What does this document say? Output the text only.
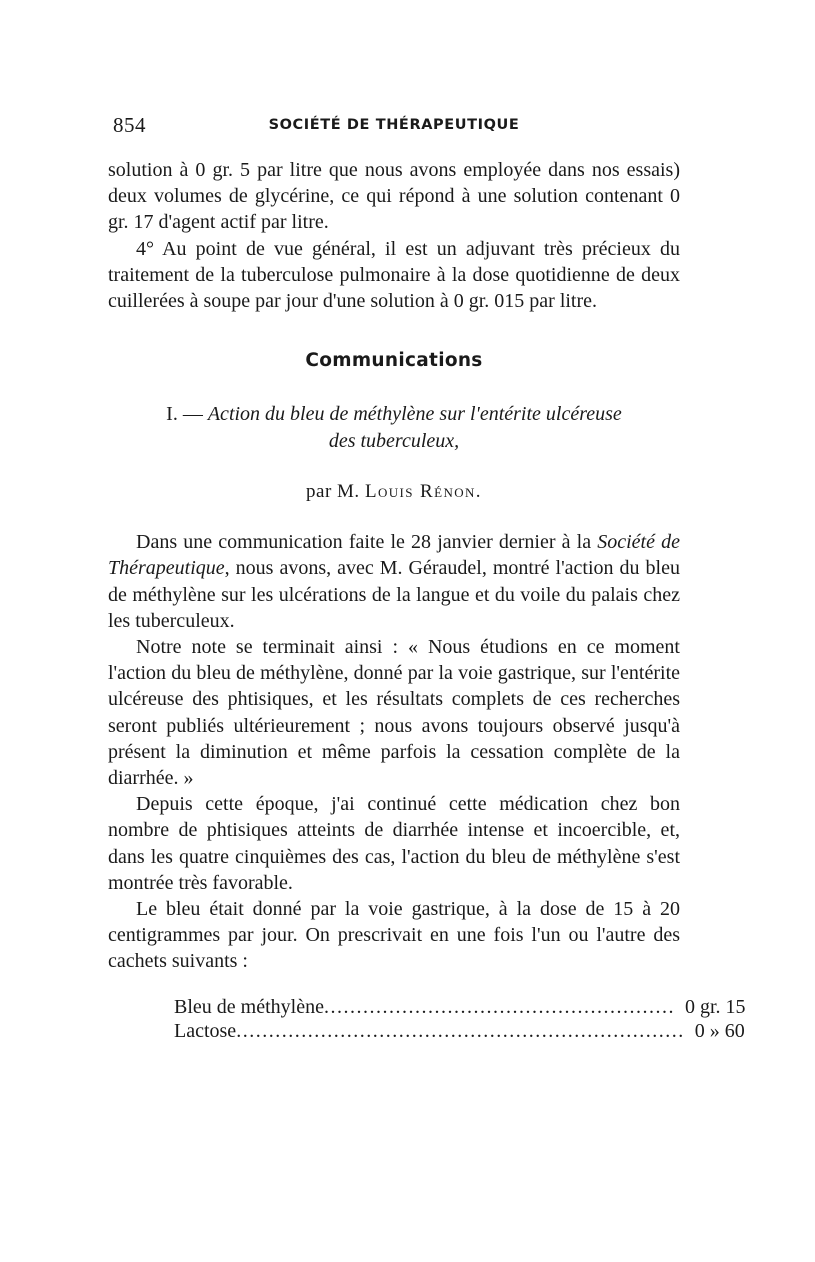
854	SOCIÉTÉ DE THÉRAPEUTIQUE

solution à 0 gr. 5 par litre que nous avons employée dans nos essais) deux volumes de glycérine, ce qui répond à une solution contenant 0 gr. 17 d'agent actif par litre.

4° Au point de vue général, il est un adjuvant très précieux du traitement de la tuberculose pulmonaire à la dose quotidienne de deux cuillerées à soupe par jour d'une solution à 0 gr. 015 par litre.

Communications
I. — Action du bleu de méthylène sur l'entérite ulcéreuse
des tuberculeux,
par M. Louis Rénon.

Dans une communication faite le 28 janvier dernier à la Société de Thérapeutique, nous avons, avec M. Géraudel, montré l'action du bleu de méthylène sur les ulcérations de la langue et du voile du palais chez les tuberculeux.

Notre note se terminait ainsi : « Nous étudions en ce moment l'action du bleu de méthylène, donné par la voie gastrique, sur l'entérite ulcéreuse des phtisiques, et les résultats complets de ces recherches seront publiés ultérieurement ; nous avons toujours observé jusqu'à présent la diminution et même parfois la cessation complète de la diarrhée. »

Depuis cette époque, j'ai continué cette médication chez bon nombre de phtisiques atteints de diarrhée intense et incoercible, et, dans les quatre cinquièmes des cas, l'action du bleu de méthylène s'est montrée très favorable.

Le bleu était donné par la voie gastrique, à la dose de 15 à 20 centigrammes par jour. On prescrivait en une fois l'un ou l'autre des cachets suivants :

Bleu de méthylène ...................................................... 0 gr. 15
Lactose ..................................................................... 0 » 60
